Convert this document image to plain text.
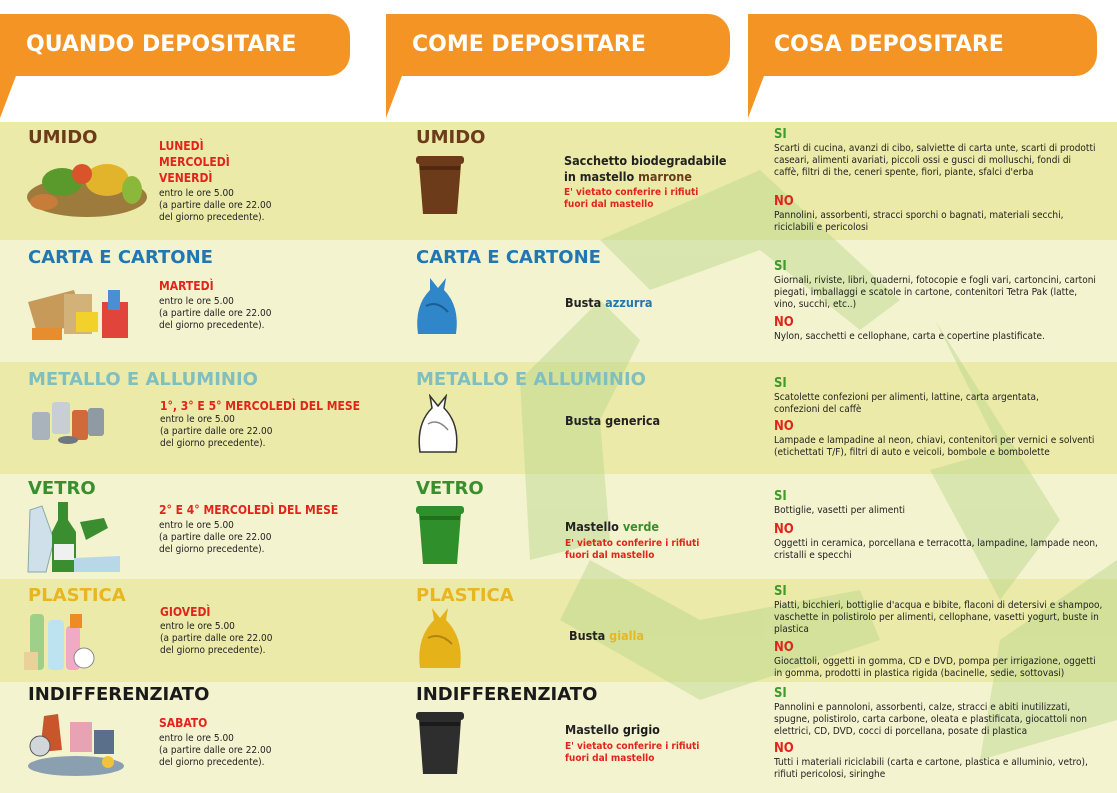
QUANDO DEPOSITARE	COME DEPOSITARE	COSA DEPOSITARE
UMIDO	LUNEDÌ
MERCOLEDÌ
VENERDÌ
entro le ore 5.00
(a partire dalle ore 22.00
del giorno precedente).
UMIDO
Sacchetto biodegradabile
in mastello marrone
E' vietato conferire i rifiuti
fuori dal mastello
SI
Scarti di cucina, avanzi di cibo, salviette di carta unte, scarti di prodotti caseari, alimenti avariati, piccoli ossi e gusci di molluschi, fondi di caffè, filtri di the, ceneri spente, fiori, piante, sfalci d'erba
NO
Pannolini, assorbenti, stracci sporchi o bagnati, materiali secchi, riciclabili e pericolosi
CARTA E CARTONE
MARTEDÌ
entro le ore 5.00
(a partire dalle ore 22.00
del giorno precedente).
CARTA E CARTONE
Busta azzurra
SI
Giornali, riviste, libri, quaderni, fotocopie e fogli vari, cartoncini, cartoni piegati, imballaggi e scatole in cartone, contenitori Tetra Pak (latte, vino, succhi, etc..)
NO
Nylon, sacchetti e cellophane, carta e copertine plastificate.
METALLO E ALLUMINIO
1°, 3° E 5° MERCOLEDÌ DEL MESE
entro le ore 5.00
(a partire dalle ore 22.00
del giorno precedente).
METALLO E ALLUMINIO
Busta generica
SI
Scatolette confezioni per alimenti, lattine, carta argentata, confezioni del caffè
NO
Lampade e lampadine al neon, chiavi, contenitori per vernici e solventi (etichettati T/F), filtri di auto e veicoli, bombole e bombolette
VETRO
2° E 4° MERCOLEDÌ DEL MESE
entro le ore 5.00
(a partire dalle ore 22.00
del giorno precedente).
VETRO
Mastello verde
E' vietato conferire i rifiuti
fuori dal mastello
SI
Bottiglie, vasetti per alimenti
NO
Oggetti in ceramica, porcellana e terracotta, lampadine, lampade neon, cristalli e specchi
PLASTICA
GIOVEDÌ
entro le ore 5.00
(a partire dalle ore 22.00
del giorno precedente).
PLASTICA
Busta gialla
SI
Piatti, bicchieri, bottiglie d'acqua e bibite, flaconi di detersivi e shampoo, vaschette in polistirolo per alimenti, cellophane, vasetti yogurt, buste in plastica
NO
Giocattoli, oggetti in gomma, CD e DVD, pompa per irrigazione, oggetti in gomma, prodotti in plastica rigida (bacinelle, sedie, sottovasi)
INDIFFERENZIATO
SABATO
entro le ore 5.00
(a partire dalle ore 22.00
del giorno precedente).
INDIFFERENZIATO
Mastello grigio
E' vietato conferire i rifiuti
fuori dal mastello
SI
Pannolini e pannoloni, assorbenti, calze, stracci e abiti inutilizzati, spugne, polistirolo, carta carbone, oleata e plastificata, giocattoli non elettrici, CD, DVD, cocci di porcellana, posate di plastica
NO
Tutti i materiali riciclabili (carta e cartone, plastica e alluminio, vetro), rifiuti pericolosi, siringhe
